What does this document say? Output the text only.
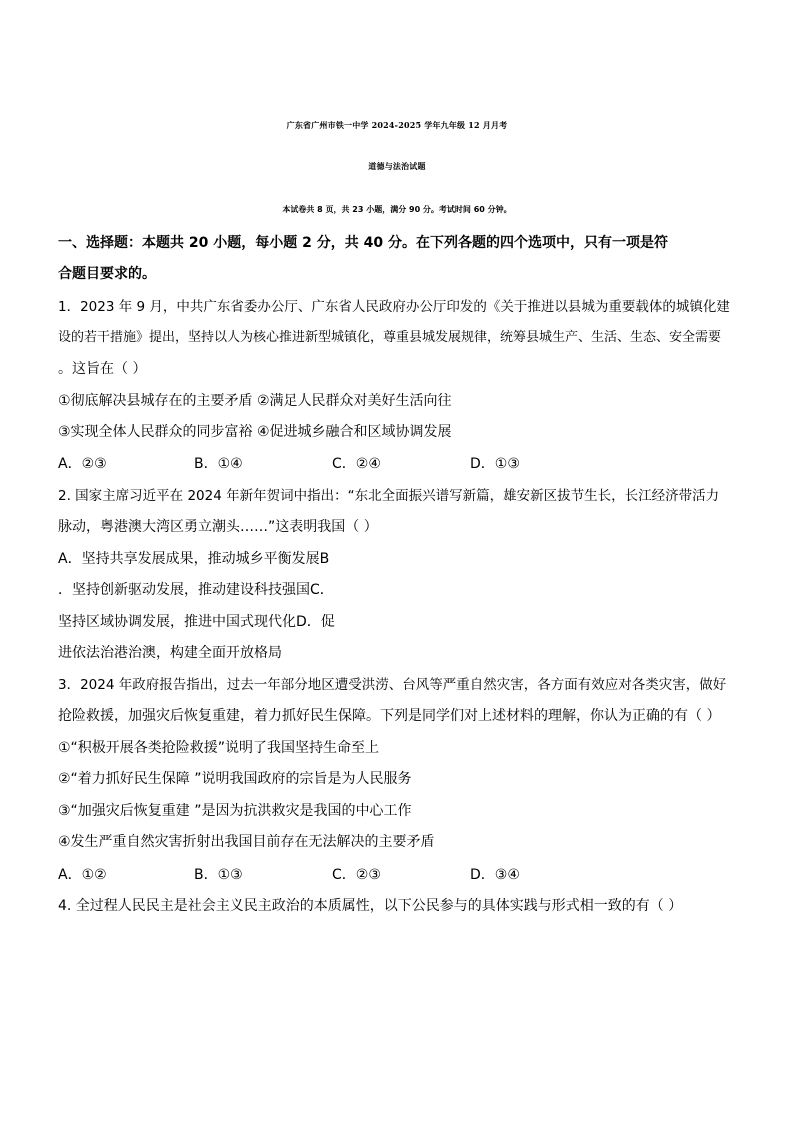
广东省广州市铁一中学 2024-2025 学年九年级 12 月月考
道德与法治试题
本试卷共 8 页，共 23 小题，满分 90 分。考试时间 60 分钟。
一、选择题：本题共 20 小题，每小题 2 分，共 40 分。在下列各题的四个选项中，只有一项是符
合题目要求的。
1．2023 年 9 月，中共广东省委办公厅、广东省人民政府办公厅印发的《关于推进以县城为重要载体的城镇化建
设的若干措施》提出，坚持以人为核心推进新型城镇化，尊重县城发展规律，统筹县城生产、生活、生态、安全需要
。这旨在（ ）
①彻底解决县城存在的主要矛盾 ②满足人民群众对美好生活向往
③实现全体人民群众的同步富裕 ④促进城乡融合和区域协调发展
A．②③	B．①④	C．②④	D．①③
2. 国家主席习近平在 2024 年新年贺词中指出：“东北全面振兴谱写新篇，雄安新区拔节生长，长江经济带活力
脉动，粤港澳大湾区勇立潮头……”这表明我国（ ）
A．坚持共享发展成果，推动城乡平衡发展B
．坚持创新驱动发展，推动建设科技强国C．
坚持区域协调发展，推进中国式现代化D．促
进依法治港治澳，构建全面开放格局
3．2024 年政府报告指出，过去一年部分地区遭受洪涝、台风等严重自然灾害，各方面有效应对各类灾害，做好
抢险救援，加强灾后恢复重建，着力抓好民生保障。下列是同学们对上述材料的理解，你认为正确的有（ ）
①“积极开展各类抢险救援”说明了我国坚持生命至上
②“着力抓好民生保障 ”说明我国政府的宗旨是为人民服务
③“加强灾后恢复重建 ”是因为抗洪救灾是我国的中心工作
④发生严重自然灾害折射出我国目前存在无法解决的主要矛盾
A．①②	B．①③	C．②③	D．③④
4. 全过程人民民主是社会主义民主政治的本质属性，以下公民参与的具体实践与形式相一致的有（ ）
